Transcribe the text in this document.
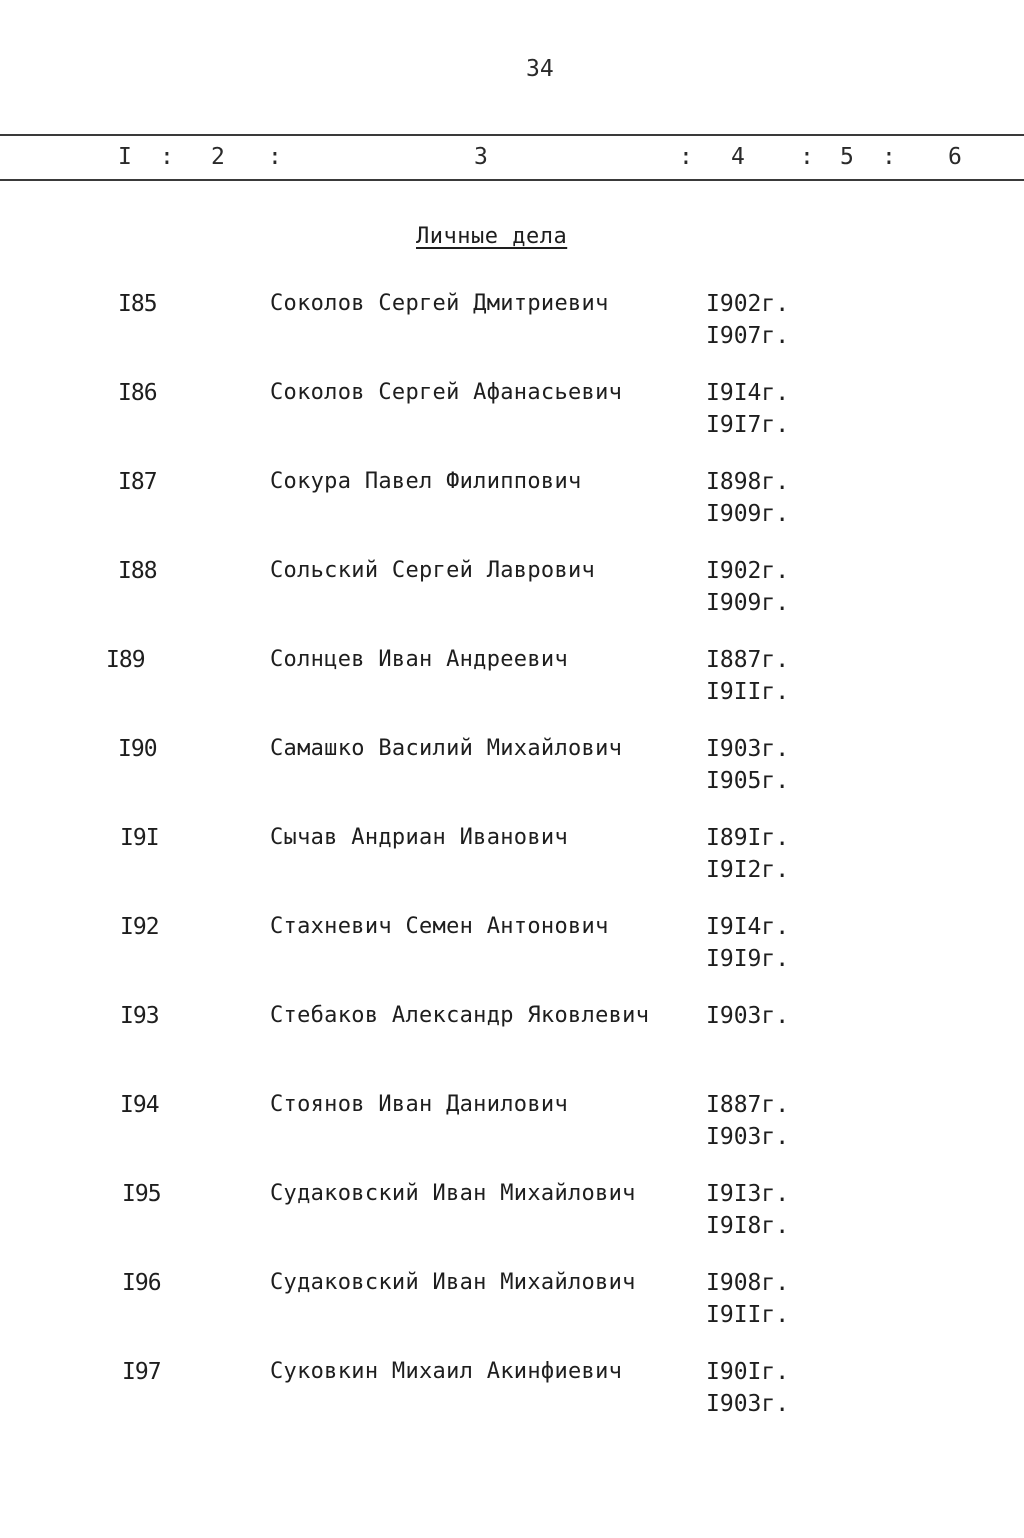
34
I : 2 :	3	: 4 : 5 : 6
Личные дела
I85	Соколов Сергей Дмитриевич	I902г.
I907г.
I86	Соколов Сергей Афанасьевич	I9I4г.
I9I7г.
I87	Сокура Павел Филиппович	I898г.
I909г.
I88	Сольский Сергей Лаврович	I902г.
I909г.
I89	Солнцев Иван Андреевич	I887г.
I9IIг.
I90	Самашко Василий Михайлович	I903г.
I905г.
I9I	Сычав Андриан Иванович	I89Iг.
I9I2г.
I92	Стахневич Семен Антонович	I9I4г.
I9I9г.
I93	Стебаков Александр Яковлевич I903г.
I94	Стоянов Иван Данилович	I887г.
I903г.
I95	Судаковский Иван Михайлович	I9I3г.
I9I8г.
I96	Судаковский Иван Михайлович	I908г.
I9IIг.
I97	Суковкин Михаил Акинфиевич	I90Iг.
I903г.
